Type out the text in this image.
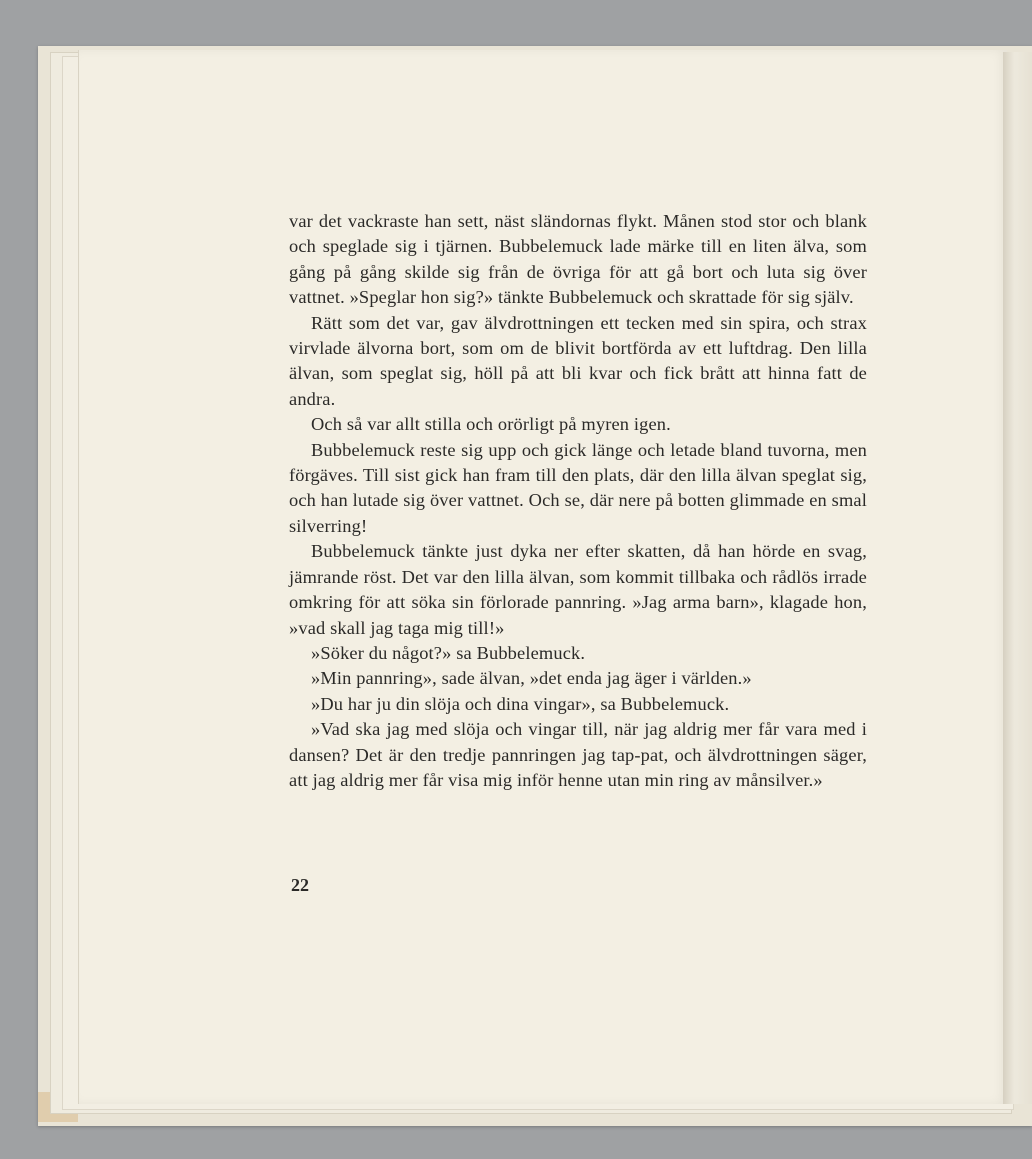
var det vackraste han sett, näst sländornas flykt. Månen stod stor och blank och speglade sig i tjärnen. Bubbelemuck lade märke till en liten älva, som gång på gång skilde sig från de övriga för att gå bort och luta sig över vattnet. »Speglar hon sig?» tänkte Bubbelemuck och skrattade för sig själv.

Rätt som det var, gav älvdrottningen ett tecken med sin spira, och strax virvlade älvorna bort, som om de blivit bortförda av ett luftdrag. Den lilla älvan, som speglat sig, höll på att bli kvar och fick brått att hinna fatt de andra.

Och så var allt stilla och orörligt på myren igen.

Bubbelemuck reste sig upp och gick länge och letade bland tuvorna, men förgäves. Till sist gick han fram till den plats, där den lilla älvan speglat sig, och han lutade sig över vattnet. Och se, där nere på botten glimmade en smal silverring!

Bubbelemuck tänkte just dyka ner efter skatten, då han hörde en svag, jämrande röst. Det var den lilla älvan, som kommit tillbaka och rådlös irrade omkring för att söka sin förlorade pannring. »Jag arma barn», klagade hon, »vad skall jag taga mig till!»

»Söker du något?» sa Bubbelemuck.

»Min pannring», sade älvan, »det enda jag äger i världen.»

»Du har ju din slöja och dina vingar», sa Bubbelemuck.

»Vad ska jag med slöja och vingar till, när jag aldrig mer får vara med i dansen? Det är den tredje pannringen jag tap-pat, och älvdrottningen säger, att jag aldrig mer får visa mig inför henne utan min ring av månsilver.»

22
